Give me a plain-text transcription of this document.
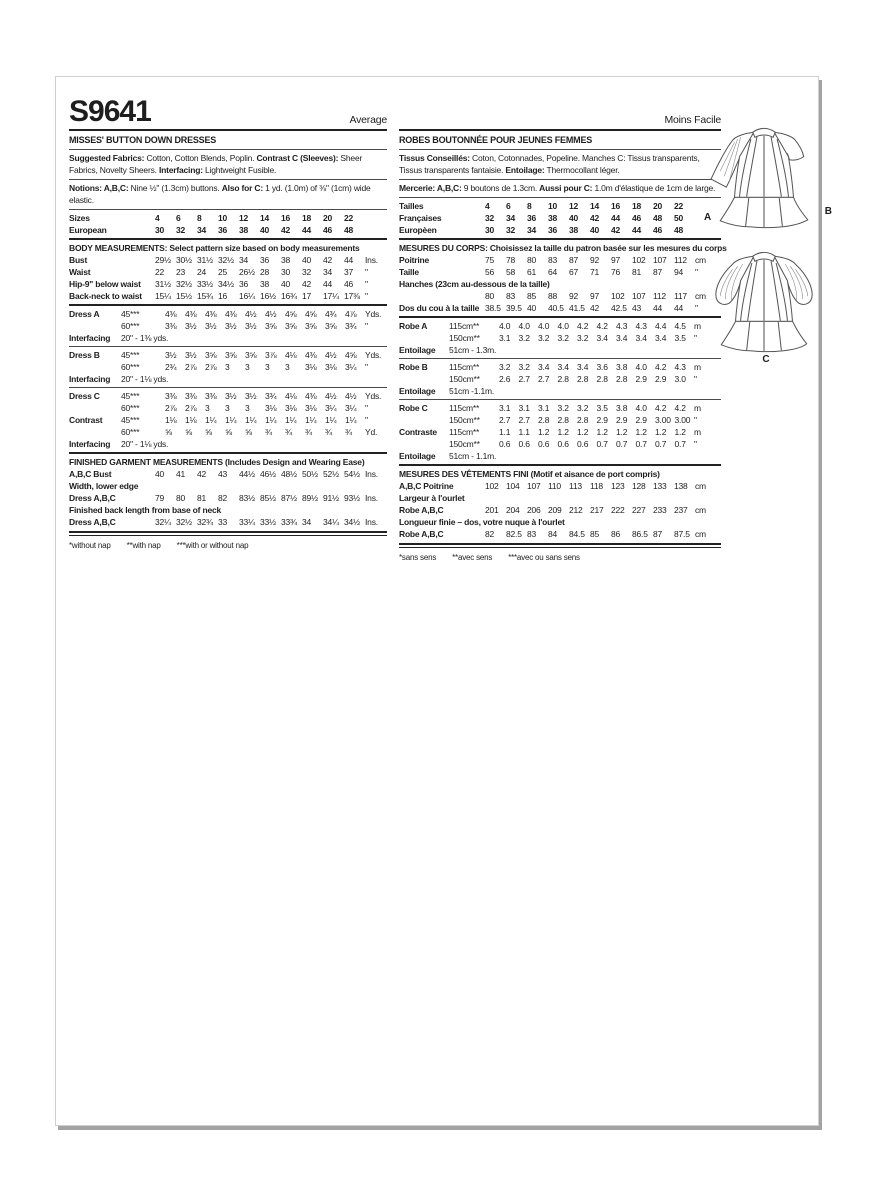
S9641	Average
MISSES' BUTTON DOWN DRESSES

Suggested Fabrics: Cotton, Cotton Blends, Poplin. Contrast C (Sleeves): Sheer Fabrics, Novelty Sheers. Interfacing: Lightweight Fusible.

Notions: A,B,C: Nine ½" (1.3cm) buttons. Also for C: 1 yd. (1.0m) of ⅜" (1cm) wide elastic.

Sizes	4	6	8	10	12	14	16	18	20	22
European	30	32	34	36	38	40	42	44	46	48
BODY MEASUREMENTS: Select pattern size based on body measurements
Bust	29½ 30½ 31½ 32½ 34	36	38	40	42	44	Ins.
Waist	22	23	24	25	26½ 28	30	32	34	37	"
Hip-9" below waist	31½ 32½ 33½ 34½ 36	38	40	42	44	46	"
Back-neck to waist	15¼ 15½ 15¾ 16	16¼ 16½ 16¾ 17	17¼ 17⅜ "
Dress A	45***	4⅜	4⅜	4⅜	4⅜	4½	4½	4⅝	4⅝	4¾	4⅞	Yds.
60***	3⅜	3½	3½	3½	3½	3⅝	3⅝	3⅝	3⅝	3¾	"
Interfacing	20" - 1⅜ yds.
Dress B	45***	3½	3½	3⅝	3⅝	3⅝	3⅞	4⅛	4⅜	4½	4⅝	Yds.
60***	2¾	2⅞	2⅞	3	3	3	3	3⅛	3⅛	3¼	"
Interfacing	20" - 1⅛ yds.
Dress C	45***	3⅜	3⅜	3⅜	3½	3½	3¾	4⅛	4⅜	4½	4½	Yds.
60***	2⅞	2⅞	3	3	3	3⅛	3⅛	3⅛	3¼	3¼	"
Contrast	45***	1⅛	1⅛	1¼	1¼	1¼	1¼	1¼	1¼	1¼	1¼	"
60***	⅝	⅝	⅝	⅝	⅝	¾	¾	¾	¾	¾	Yd.
Interfacing	20" - 1⅛ yds.
FINISHED GARMENT MEASUREMENTS (Includes Design and Wearing Ease)
A,B,C Bust	40	41	42	43	44½ 46½ 48½ 50½ 52½ 54½ Ins.
Width, lower edge
Dress A,B,C	79	80	81	82	83½ 85½ 87½ 89½ 91½ 93½ Ins.
Finished back length from base of neck
Dress A,B,C	32¼ 32½ 32¾ 33	33¼ 33½ 33¾ 34	34¼ 34½ Ins.
*without nap **with nap ***with or without nap
Moins Facile
ROBES BOUTONNÉE POUR JEUNES FEMMES

Tissus Conseillés: Coton, Cotonnades, Popeline. Manches C: Tissus transparents, Tissus transparents fantaisie. Entoilage: Thermocollant léger.

Mercerie: A,B,C: 9 boutons de 1.3cm. Aussi pour C: 1.0m d'élastique de 1cm de large.

Tailles	4	6	8	10	12	14	16	18	20	22
Françaises	32	34	36	38	40	42	44	46	48	50
Europèen	30	32	34	36	38	40	42	44	46	48
MESURES DU CORPS: Choisissez la taille du patron basée sur les mesures du corps
Poitrine	75	78	80	83	87	92	97	102 107 112 cm
Taille	56	58	61	64	67	71	76	81	87	94	"
Hanches (23cm au-dessous de la taille)
80	83	85	88	92	97	102 107 112 117 cm
Dos du cou à la taille 38.5 39.5 40	40.5 41.5 42	42.5 43	44	44	"
Robe A	115cm**	4.0 4.0 4.0 4.0 4.2 4.2 4.3 4.3 4.4 4.5 m
150cm**	3.1 3.2 3.2 3.2 3.2 3.4 3.4 3.4 3.4 3.5 "
Entoilage	51cm - 1.3m.
Robe B	115cm**	3.2 3.2 3.4 3.4 3.4 3.6 3.8 4.0 4.2 4.3 m
150cm**	2.6 2.7 2.7 2.8 2.8 2.8 2.8 2.9 2.9 3.0 "
Entoilage	51cm -1.1m.
Robe C	115cm**	3.1 3.1 3.1 3.2 3.2 3.5 3.8 4.0 4.2 4.2 m
150cm**	2.7 2.7 2.8 2.8 2.8 2.9 2.9 2.9 3.00 3.00 "
Contraste	115cm**	1.1 1.1 1.2 1.2 1.2 1.2 1.2 1.2 1.2 1.2 m
150cm**	0.6 0.6 0.6 0.6 0.6 0.7 0.7 0.7 0.7 0.7 "
Entoilage	51cm - 1.1m.
MESURES DES VÊTEMENTS FINI (Motif et aisance de port compris)
A,B,C Poitrine	102 104 107 110 113 118 123 128 133 138 cm
Largeur à l'ourlet
Robe A,B,C	201 204 206 209 212 217 222 227 233 237 cm
Longueur finie – dos, votre nuque à l'ourlet
Robe A,B,C	82	82.5 83	84	84.5 85	86	86.5 87	87.5 cm
*sans sens **avec sens ***avec ou sans sens
A
B
C
